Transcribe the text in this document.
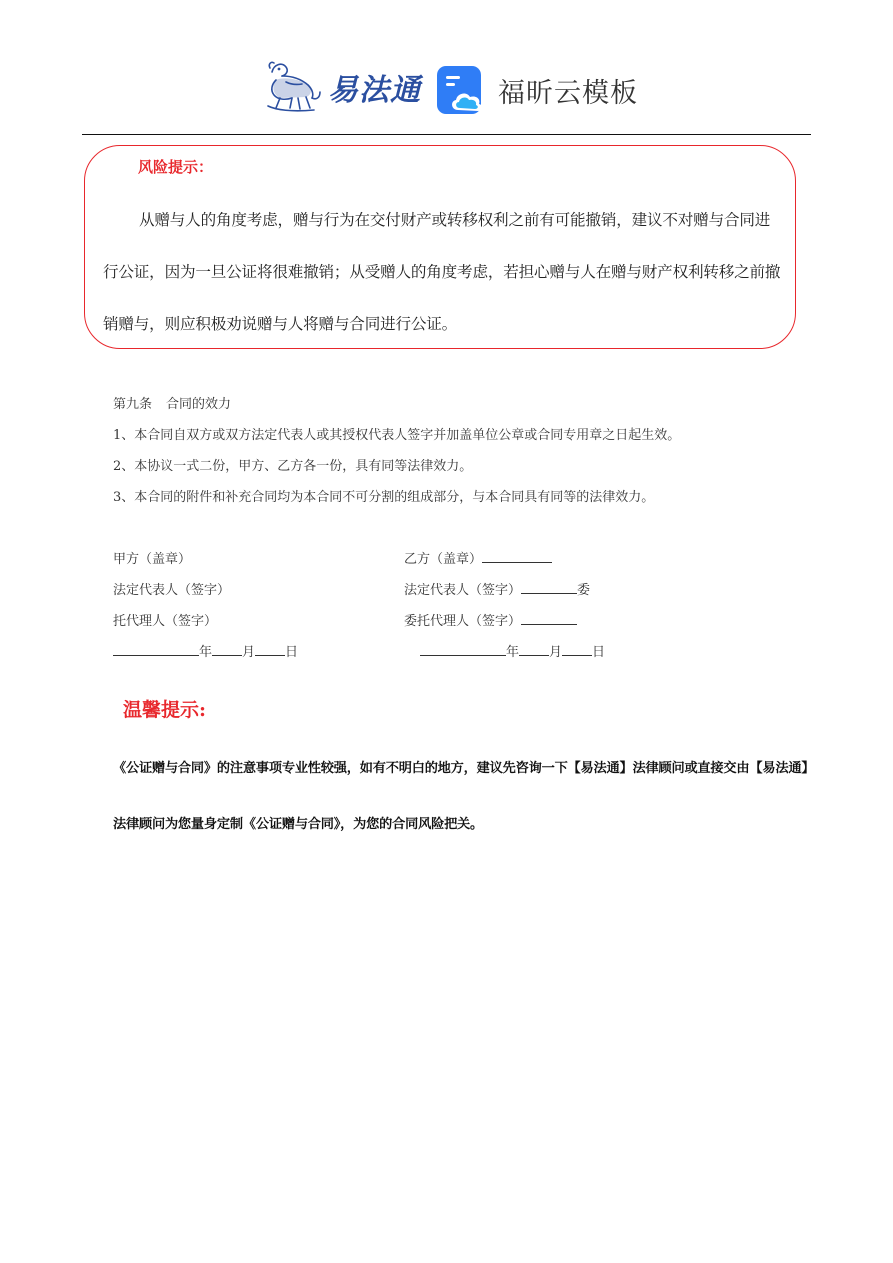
易法通	福昕云模板

风险提示：

从赠与人的角度考虑，赠与行为在交付财产或转移权利之前有可能撤销，建议不对赠与合同进行公证，因为一旦公证将很难撤销；从受赠人的角度考虑，若担心赠与人在赠与财产权利转移之前撤销赠与，则应积极劝说赠与人将赠与合同进行公证。

第九条 合同的效力
1、本合同自双方或双方法定代表人或其授权代表人签字并加盖单位公章或合同专用章之日起生效。
2、本协议一式二份，甲方、乙方各一份，具有同等法律效力。
3、本合同的附件和补充合同均为本合同不可分割的组成部分，与本合同具有同等的法律效力。
甲方（盖章）
法定代表人（签字）
托代理人（签字）
年 月 日
乙方（盖章）
法定代表人（签字）	委
委托代理人（签字）
年 月 日

温馨提示:

《公证赠与合同》的注意事项专业性较强，如有不明白的地方，建议先咨询一下【易法通】法律顾问或直接交由【易法通】法律顾问为您量身定制《公证赠与合同》，为您的合同风险把关。
